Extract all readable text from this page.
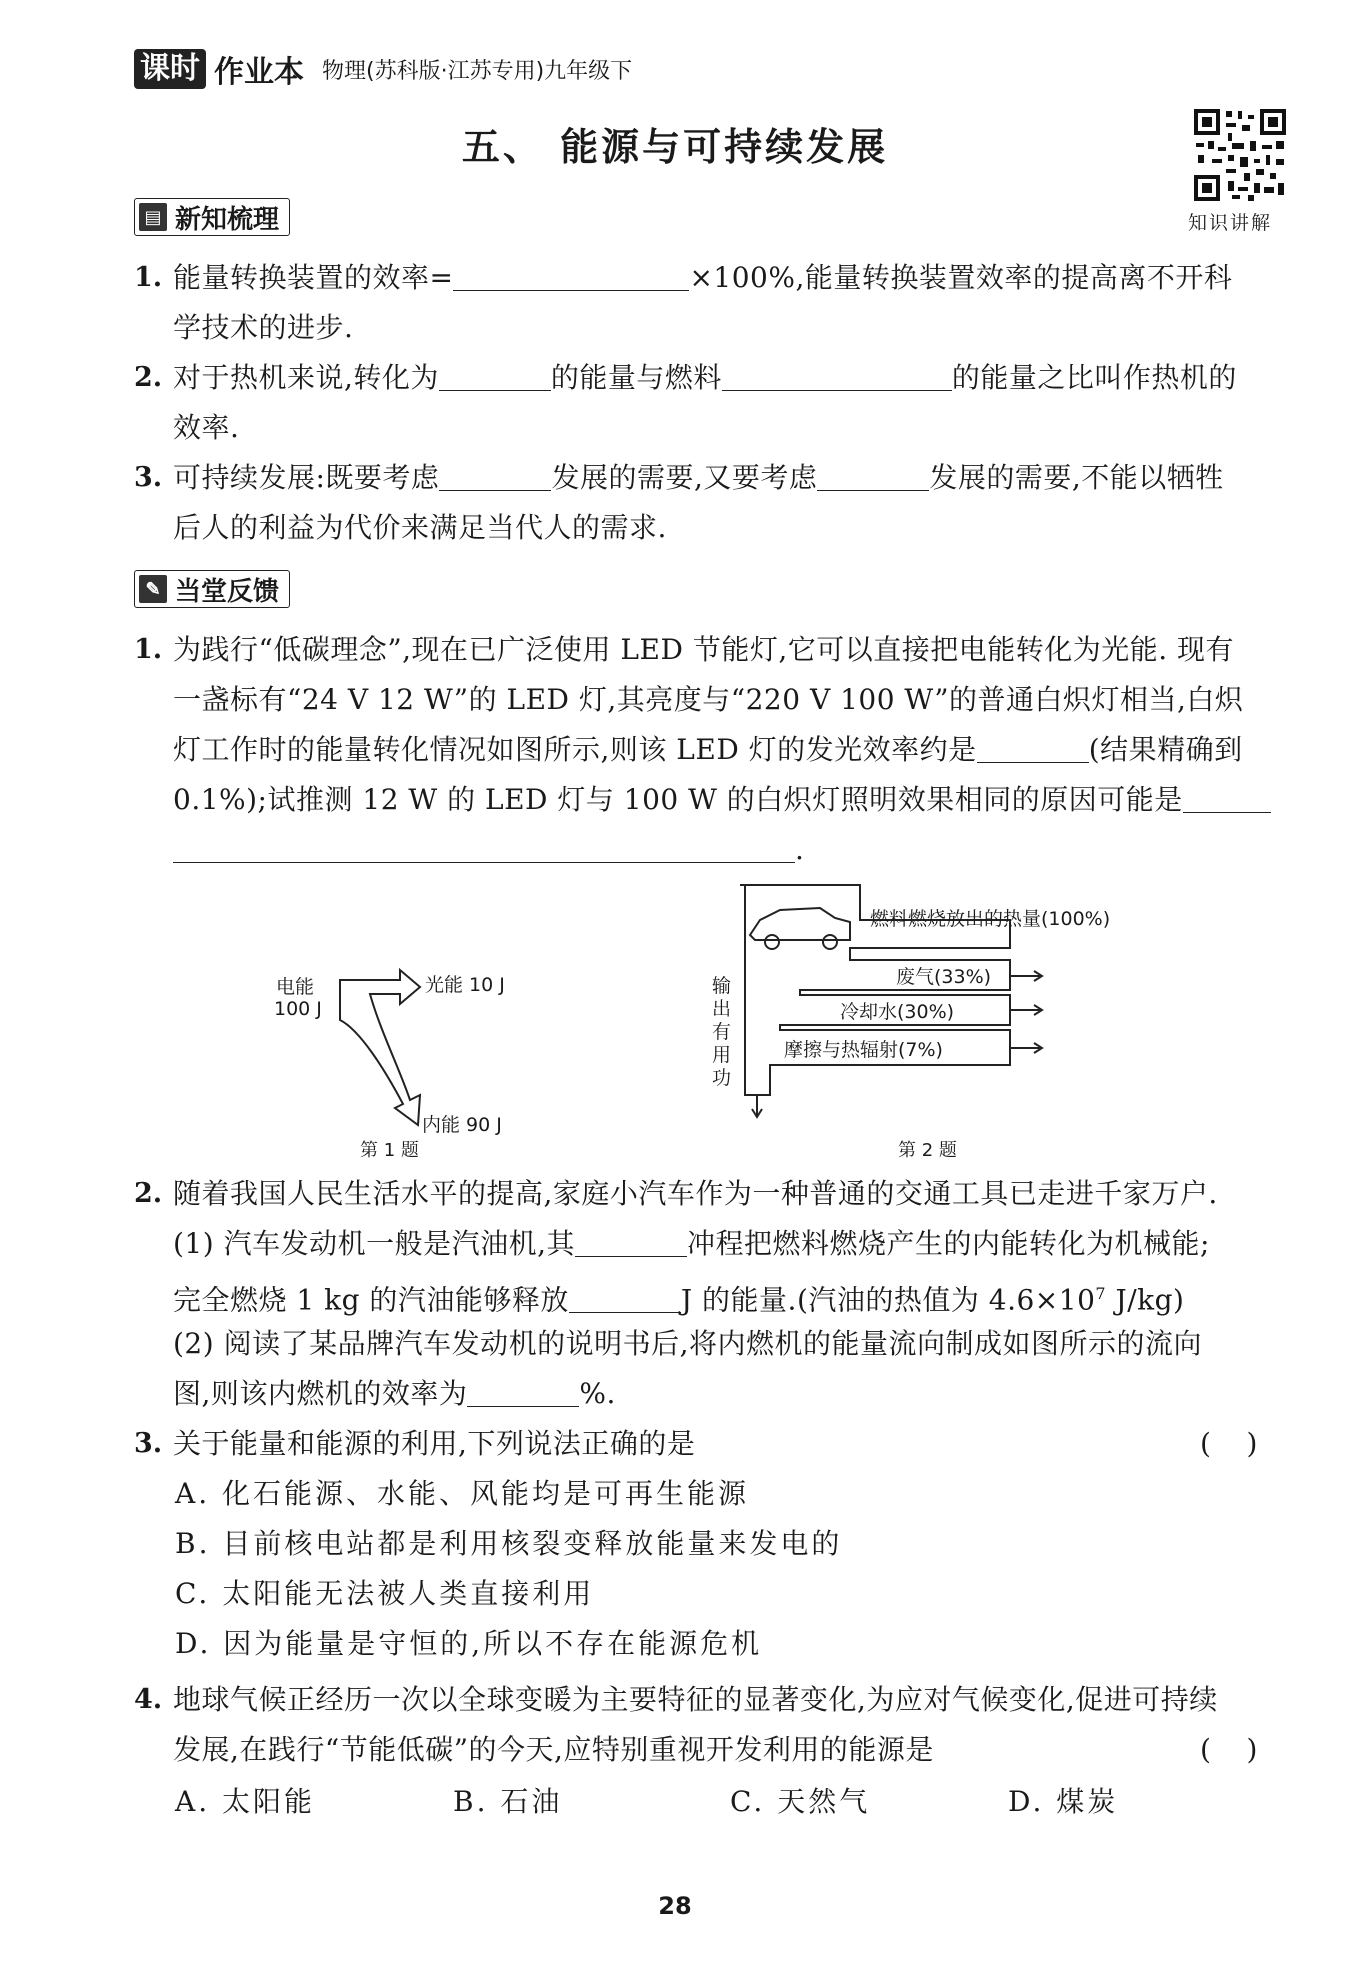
课时 作业本 物理(苏科版·江苏专用)九年级下
知识讲解
五、 能源与可持续发展
▤ 新知梳理
1. 能量转换装置的效率=	×100%,能量转换装置效率的提高离不开科
学技术的进步.
2. 对于热机来说,转化为	的能量与燃料	的能量之比叫作热机的
效率.
3. 可持续发展:既要考虑	发展的需要,又要考虑	发展的需要,不能以牺牲
后人的利益为代价来满足当代人的需求.
✎ 当堂反馈
1. 为践行“低碳理念”,现在已广泛使用 LED 节能灯,它可以直接把电能转化为光能. 现有
一盏标有“24 V 12 W”的 LED 灯,其亮度与“220 V 100 W”的普通白炽灯相当,白炽
灯工作时的能量转化情况如图所示,则该 LED 灯的发光效率约是	(结果精确到
0.1%);试推测 12 W 的 LED 灯与 100 W 的白炽灯照明效果相同的原因可能是
.
电能
100 J
光能 10 J
内能 90 J
第 1 题
燃料燃烧放出的热量(100%)
废气(33%)
冷却水(30%)
摩擦与热辐射(7%)
输出有用功
第 2 题
2. 随着我国人民生活水平的提高,家庭小汽车作为一种普通的交通工具已走进千家万户.
(1) 汽车发动机一般是汽油机,其	冲程把燃料燃烧产生的内能转化为机械能;
完全燃烧 1 kg 的汽油能够释放	J 的能量.(汽油的热值为 $4.6\times 10^7$ J/kg)
(2) 阅读了某品牌汽车发动机的说明书后,将内燃机的能量流向制成如图所示的流向
图,则该内燃机的效率为	%.
3. 关于能量和能源的利用,下列说法正确的是	(    )
A. 化石能源、水能、风能均是可再生能源
B. 目前核电站都是利用核裂变释放能量来发电的
C. 太阳能无法被人类直接利用
D. 因为能量是守恒的,所以不存在能源危机
4. 地球气候正经历一次以全球变暖为主要特征的显著变化,为应对气候变化,促进可持续
发展,在践行“节能低碳”的今天,应特别重视开发利用的能源是	(    )
A. 太阳能	B. 石油	C. 天然气	D. 煤炭
28
